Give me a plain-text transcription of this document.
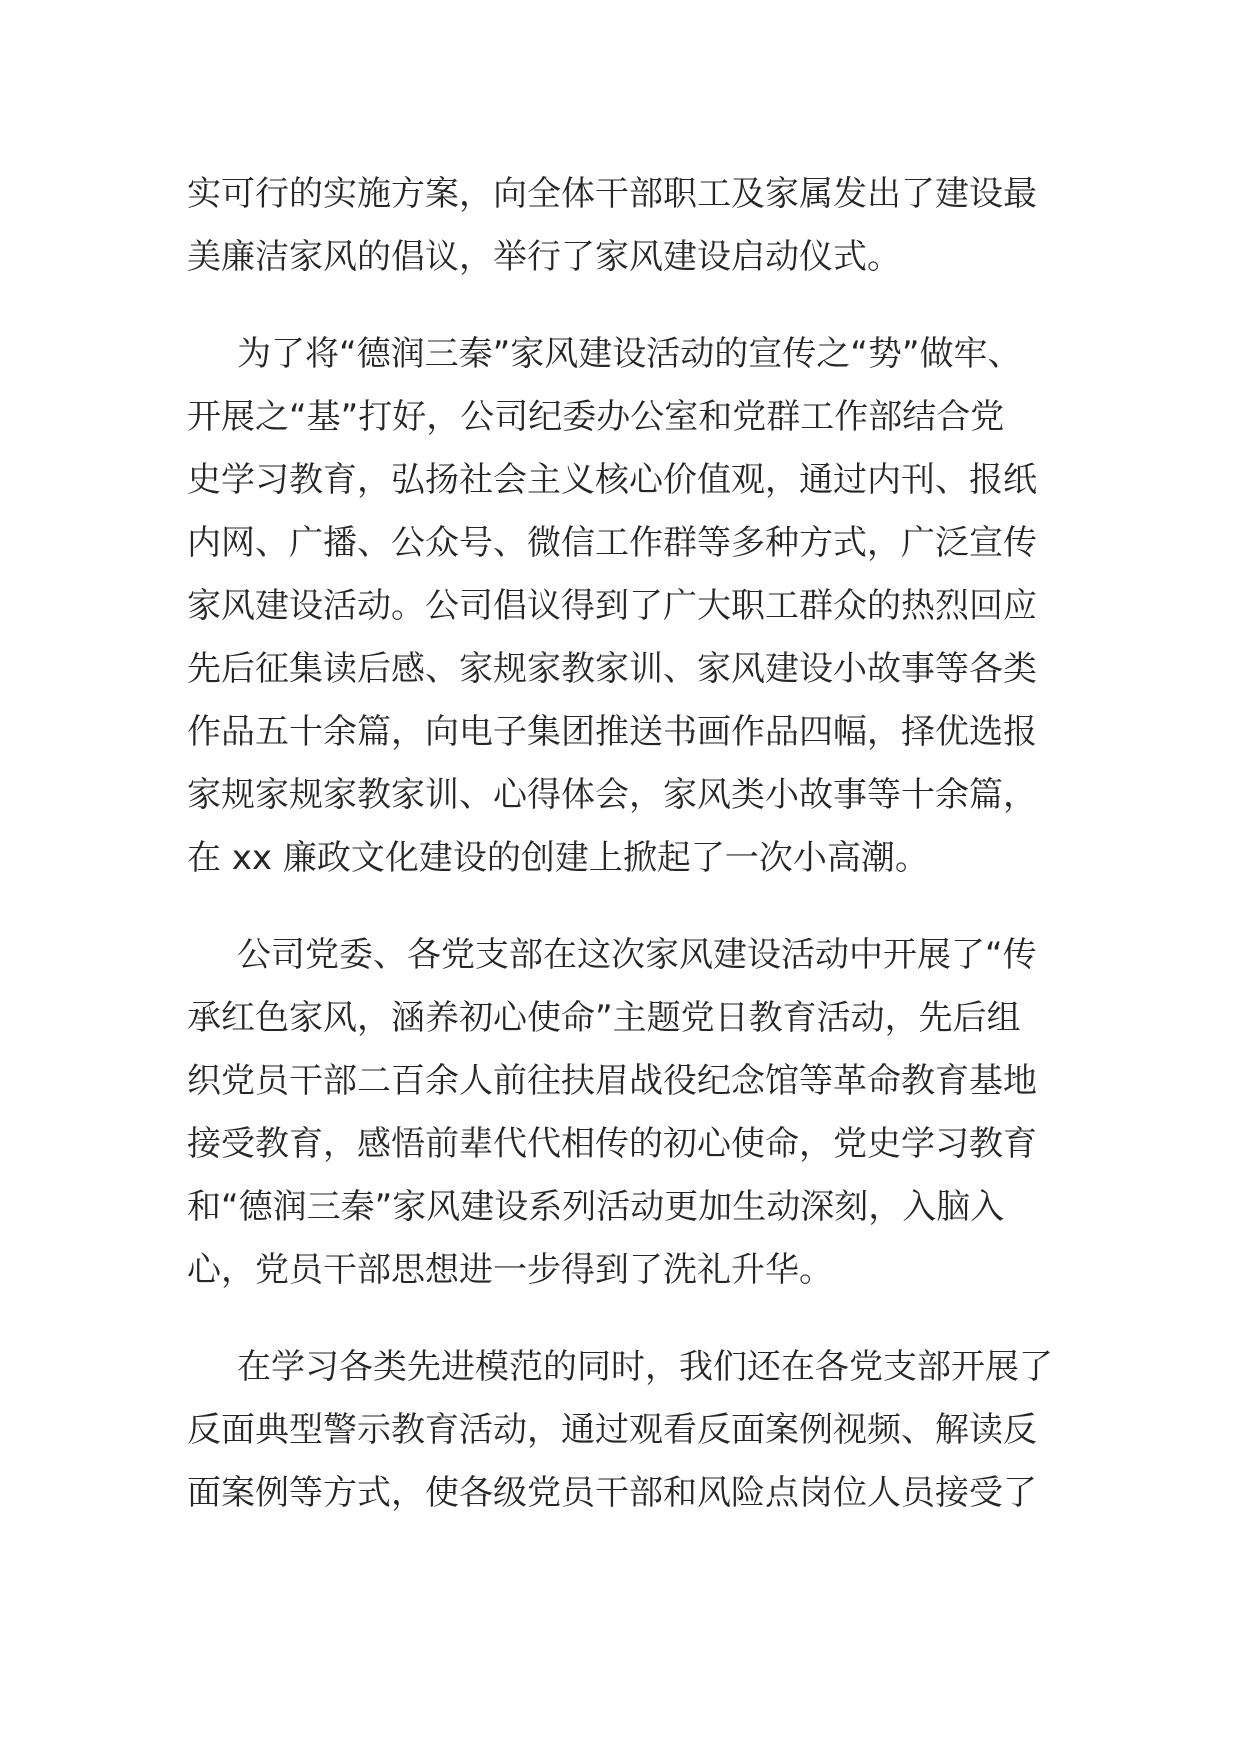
实可行的实施方案，向全体干部职工及家属发出了建设最
美廉洁家风的倡议，举行了家风建设启动仪式。
为了将“德润三秦”家风建设活动的宣传之“势”做牢、
开展之“基”打好，公司纪委办公室和党群工作部结合党
史学习教育，弘扬社会主义核心价值观，通过内刊、报纸
内网、广播、公众号、微信工作群等多种方式，广泛宣传
家风建设活动。公司倡议得到了广大职工群众的热烈回应
先后征集读后感、家规家教家训、家风建设小故事等各类
作品五十余篇，向电子集团推送书画作品四幅，择优选报
家规家规家教家训、心得体会，家风类小故事等十余篇，
在 xx 廉政文化建设的创建上掀起了一次小高潮。
公司党委、各党支部在这次家风建设活动中开展了“传
承红色家风，涵养初心使命”主题党日教育活动，先后组
织党员干部二百余人前往扶眉战役纪念馆等革命教育基地
接受教育，感悟前辈代代相传的初心使命，党史学习教育
和“德润三秦”家风建设系列活动更加生动深刻，入脑入
心，党员干部思想进一步得到了洗礼升华。
在学习各类先进模范的同时，我们还在各党支部开展了
反面典型警示教育活动，通过观看反面案例视频、解读反
面案例等方式，使各级党员干部和风险点岗位人员接受了
